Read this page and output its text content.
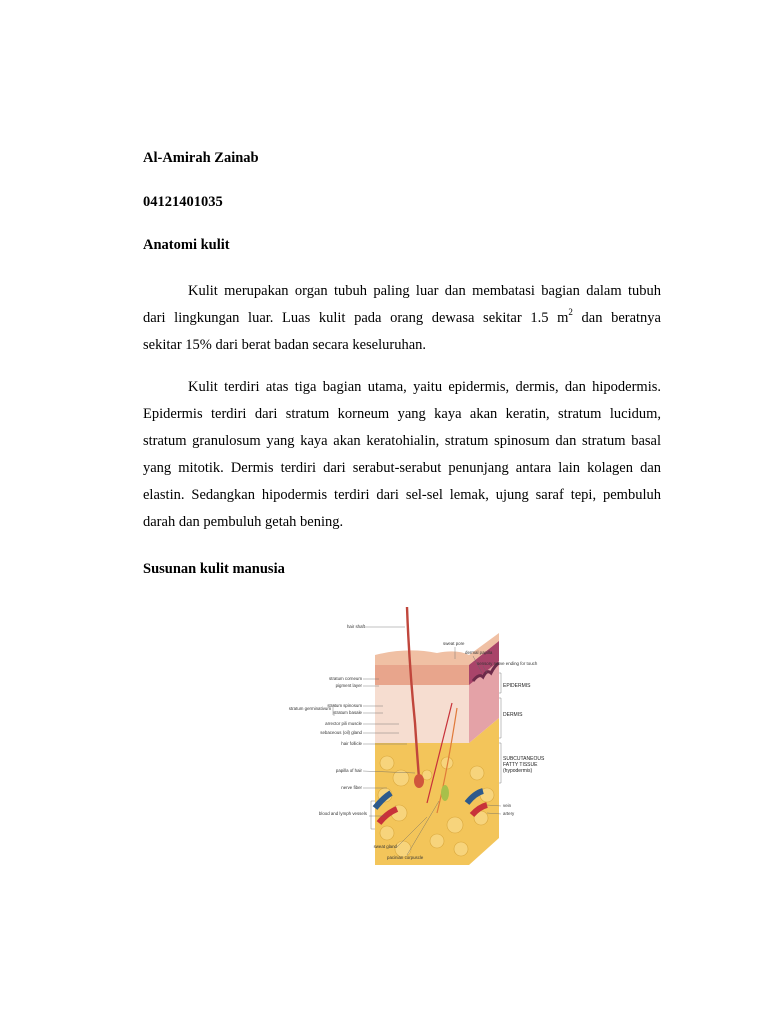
Al-Amirah Zainab

04121401035

Anatomi kulit

Kulit merupakan organ tubuh paling luar dan membatasi bagian dalam tubuh
dari lingkungan luar. Luas kulit pada orang dewasa sekitar 1.5 $m^2$ dan beratnya
sekitar 15% dari berat badan secara keseluruhan.
Kulit terdiri atas tiga bagian utama, yaitu epidermis, dermis, dan hipodermis.
Epidermis terdiri dari stratum korneum yang kaya akan keratin, stratum lucidum,
stratum granulosum yang kaya akan keratohialin, stratum spinosum dan stratum basal
yang mitotik. Dermis terdiri dari serabut-serabut penunjang antara lain kolagen dan
elastin. Sedangkan hipodermis terdiri dari sel-sel lemak, ujung saraf tepi, pembuluh
darah dan pembuluh getah bening.

Susunan kulit manusia

hair shaft
stratum corneum
pigment layer
stratum germinativum
stratum spinosum
stratum basale
arrector pili muscle
sebaceous (oil) gland
hair follicle
papilla of hair
nerve fiber
blood and lymph vessels
sweat gland
pacinian corpuscle
sweat pore
dermal papilla
sensory nerve ending for touch
EPIDERMIS
DERMIS
SUBCUTANEOUS
FATTY TISSUE
(hypodermis)
vein
artery
